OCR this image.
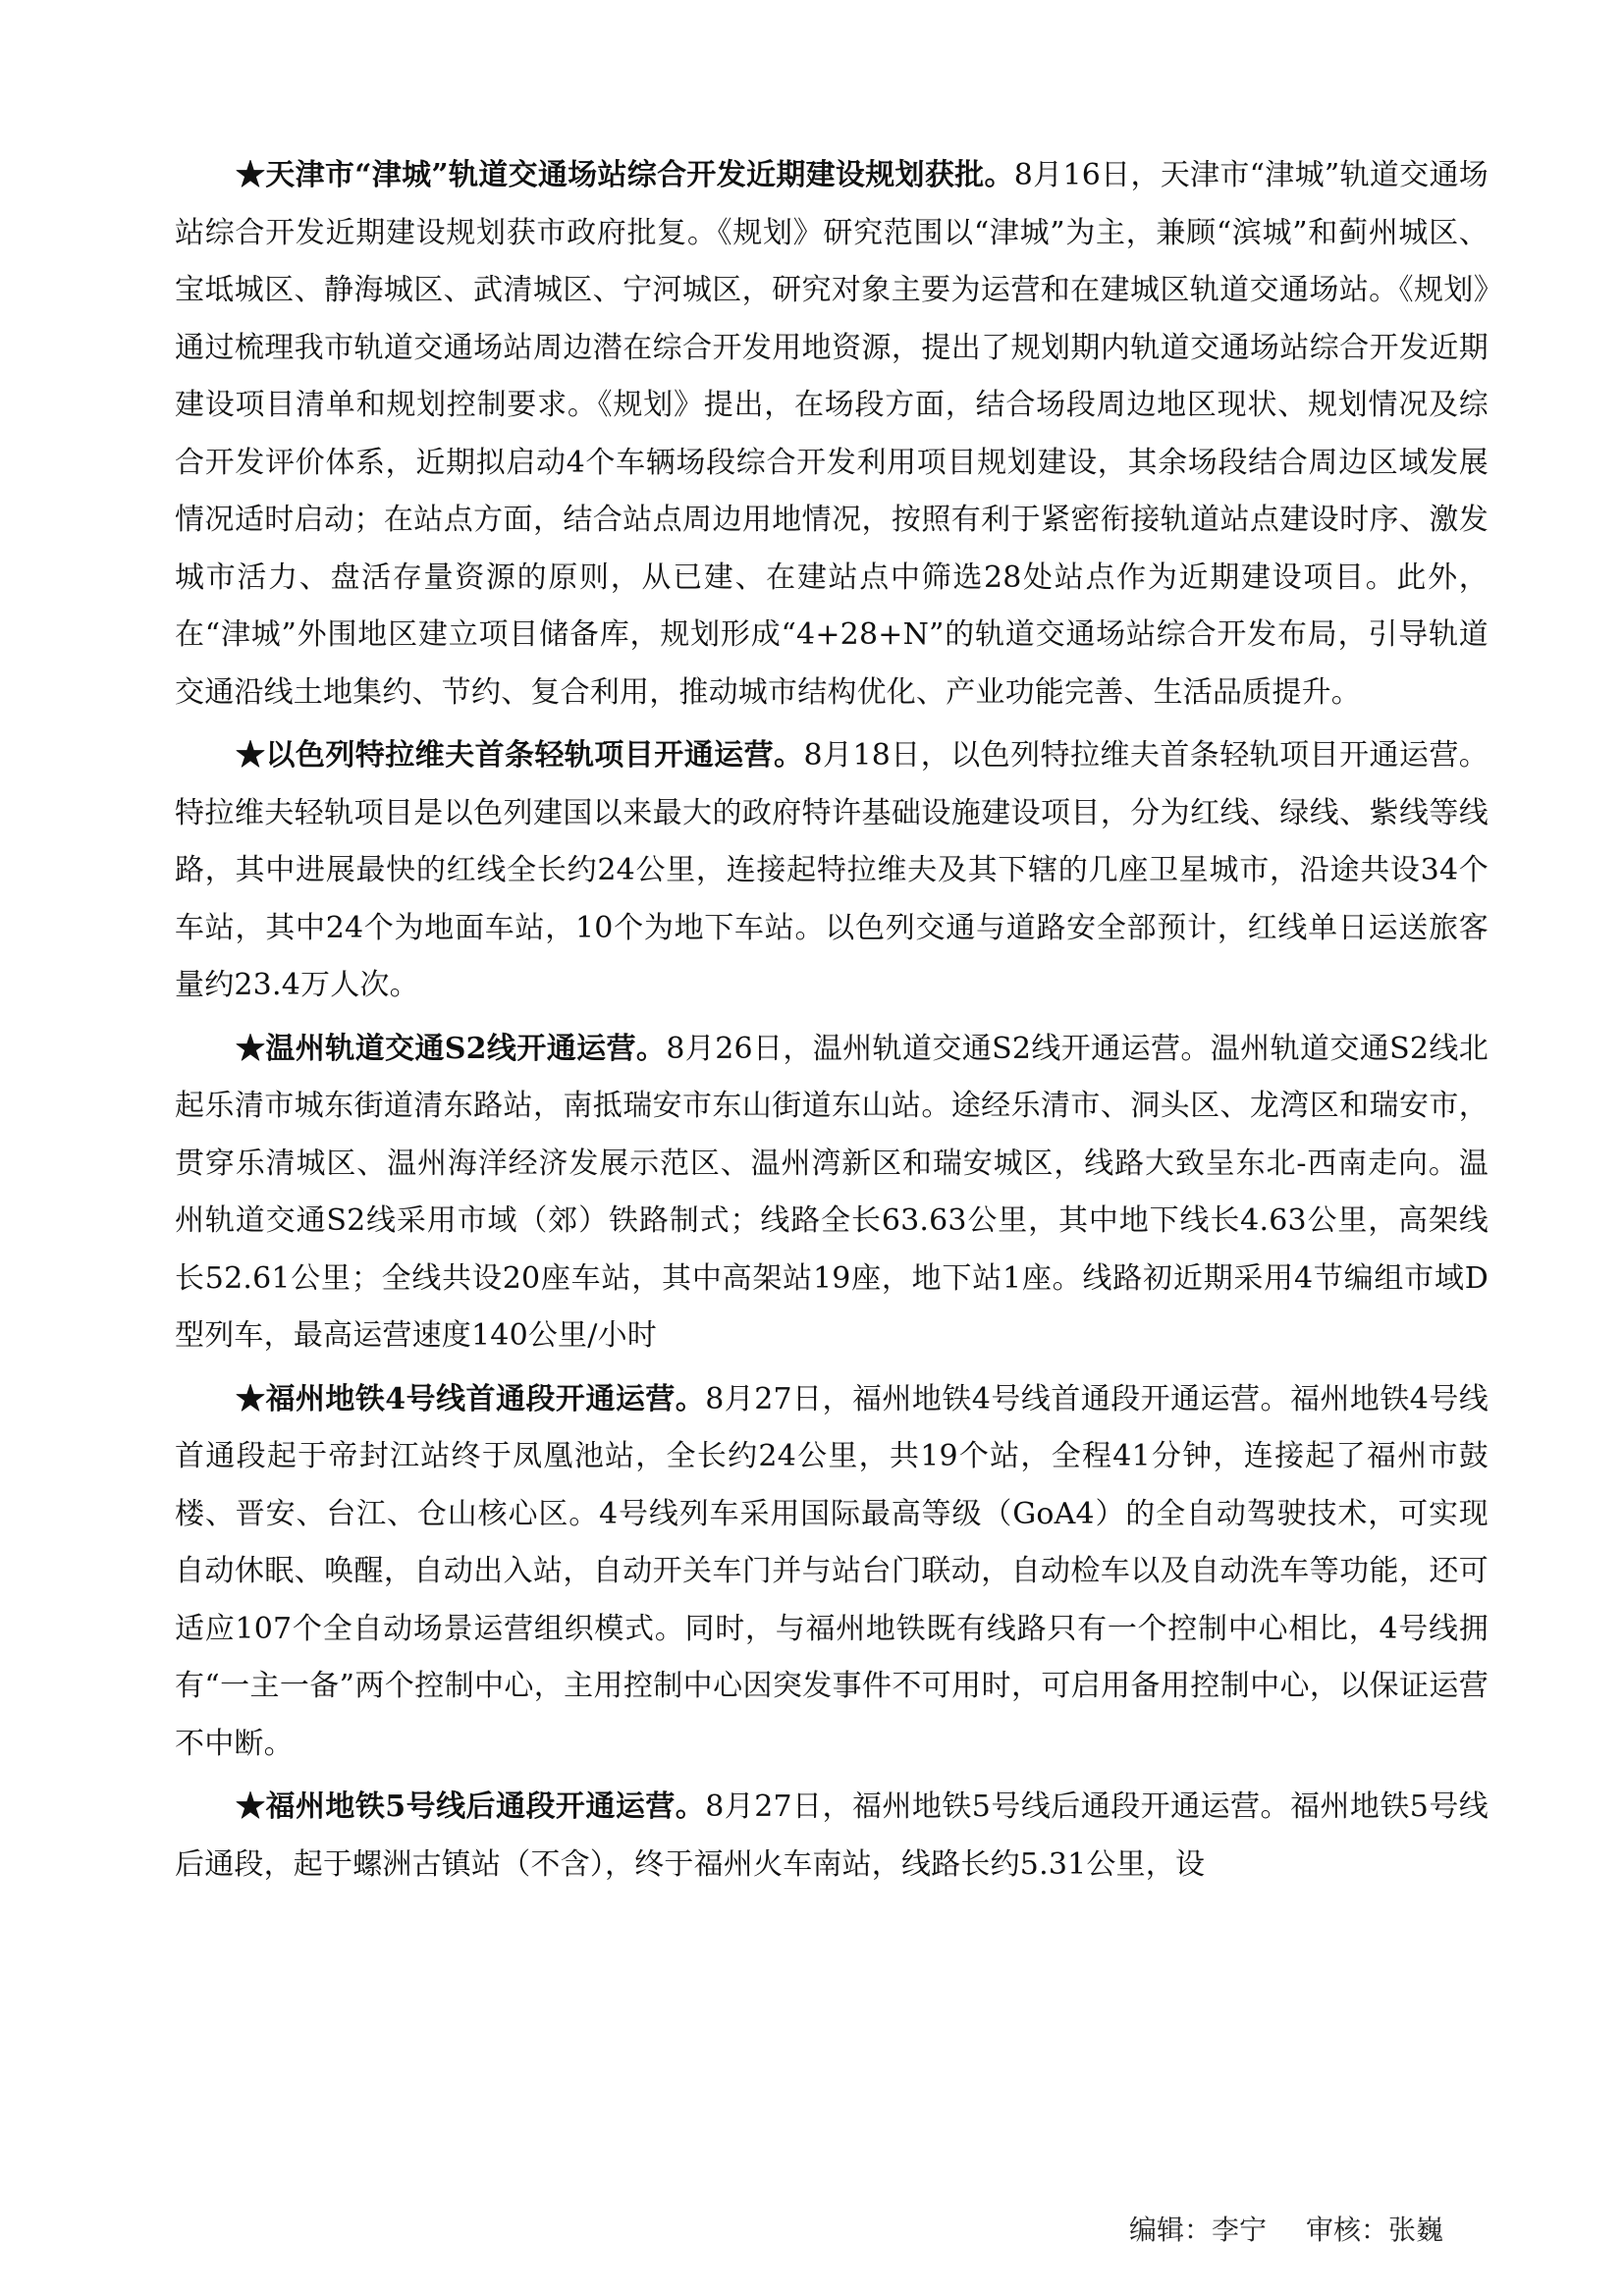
★天津市“津城”轨道交通场站综合开发近期建设规划获批。8月16日，天津市“津城”轨道交通场站综合开发近期建设规划获市政府批复。《规划》研究范围以“津城”为主，兼顾“滨城”和蓟州城区、宝坻城区、静海城区、武清城区、宁河城区，研究对象主要为运营和在建城区轨道交通场站。《规划》通过梳理我市轨道交通场站周边潜在综合开发用地资源，提出了规划期内轨道交通场站综合开发近期建设项目清单和规划控制要求。《规划》提出，在场段方面，结合场段周边地区现状、规划情况及综合开发评价体系，近期拟启动4个车辆场段综合开发利用项目规划建设，其余场段结合周边区域发展情况适时启动；在站点方面，结合站点周边用地情况，按照有利于紧密衔接轨道站点建设时序、激发城市活力、盘活存量资源的原则，从已建、在建站点中筛选28处站点作为近期建设项目。此外，在“津城”外围地区建立项目储备库，规划形成“4+28+N”的轨道交通场站综合开发布局，引导轨道交通沿线土地集约、节约、复合利用，推动城市结构优化、产业功能完善、生活品质提升。

★以色列特拉维夫首条轻轨项目开通运营。8月18日，以色列特拉维夫首条轻轨项目开通运营。特拉维夫轻轨项目是以色列建国以来最大的政府特许基础设施建设项目，分为红线、绿线、紫线等线路，其中进展最快的红线全长约24公里，连接起特拉维夫及其下辖的几座卫星城市，沿途共设34个车站，其中24个为地面车站，10个为地下车站。以色列交通与道路安全部预计，红线单日运送旅客量约23.4万人次。

★温州轨道交通S2线开通运营。8月26日，温州轨道交通S2线开通运营。温州轨道交通S2线北起乐清市城东街道清东路站，南抵瑞安市东山街道东山站。途经乐清市、洞头区、龙湾区和瑞安市，贯穿乐清城区、温州海洋经济发展示范区、温州湾新区和瑞安城区，线路大致呈东北-西南走向。温州轨道交通S2线采用市域（郊）铁路制式；线路全长63.63公里，其中地下线长4.63公里，高架线长52.61公里；全线共设20座车站，其中高架站19座，地下站1座。线路初近期采用4节编组市域D型列车，最高运营速度140公里/小时

★福州地铁4号线首通段开通运营。8月27日，福州地铁4号线首通段开通运营。福州地铁4号线首通段起于帝封江站终于凤凰池站，全长约24公里，共19个站，全程41分钟，连接起了福州市鼓楼、晋安、台江、仓山核心区。4号线列车采用国际最高等级（GoA4）的全自动驾驶技术，可实现自动休眠、唤醒，自动出入站，自动开关车门并与站台门联动，自动检车以及自动洗车等功能，还可适应107个全自动场景运营组织模式。同时，与福州地铁既有线路只有一个控制中心相比，4号线拥有“一主一备”两个控制中心，主用控制中心因突发事件不可用时，可启用备用控制中心，以保证运营不中断。

★福州地铁5号线后通段开通运营。8月27日，福州地铁5号线后通段开通运营。福州地铁5号线后通段，起于螺洲古镇站（不含），终于福州火车南站，线路长约5.31公里，设

编辑：李宁 审核：张巍
